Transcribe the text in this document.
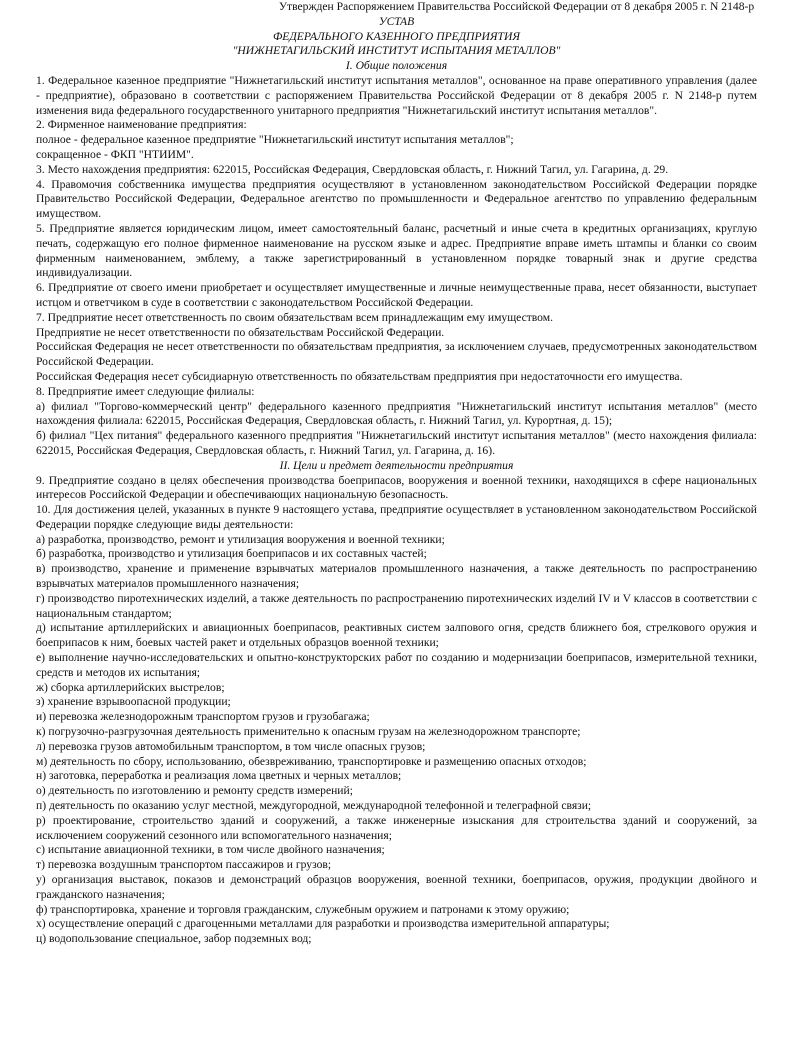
Утвержден Распоряжением Правительства Российской Федерации от 8 декабря 2005 г. N 2148-р
УСТАВ
ФЕДЕРАЛЬНОГО КАЗЕННОГО ПРЕДПРИЯТИЯ
"НИЖНЕТАГИЛЬСКИЙ ИНСТИТУТ ИСПЫТАНИЯ МЕТАЛЛОВ"
I. Общие положения

1. Федеральное казенное предприятие "Нижнетагильский институт испытания металлов", основанное на праве оперативного управления (далее - предприятие), образовано в соответствии с распоряжением Правительства Российской Федерации от 8 декабря 2005 г. N 2148-р путем изменения вида федерального государственного унитарного предприятия "Нижнетагильский институт испытания металлов".

2. Фирменное наименование предприятия:

полное - федеральное казенное предприятие "Нижнетагильский институт испытания металлов";

сокращенное - ФКП "НТИИМ".

3. Место нахождения предприятия: 622015, Российская Федерация, Свердловская область, г. Нижний Тагил, ул. Гагарина, д. 29.

4. Правомочия собственника имущества предприятия осуществляют в установленном законодательством Российской Федерации порядке Правительство Российской Федерации, Федеральное агентство по промышленности и Федеральное агентство по управлению федеральным имуществом.

5. Предприятие является юридическим лицом, имеет самостоятельный баланс, расчетный и иные счета в кредитных организациях, круглую печать, содержащую его полное фирменное наименование на русском языке и адрес. Предприятие вправе иметь штампы и бланки со своим фирменным наименованием, эмблему, а также зарегистрированный в установленном порядке товарный знак и другие средства индивидуализации.

6. Предприятие от своего имени приобретает и осуществляет имущественные и личные неимущественные права, несет обязанности, выступает истцом и ответчиком в суде в соответствии с законодательством Российской Федерации.

7. Предприятие несет ответственность по своим обязательствам всем принадлежащим ему имуществом.

Предприятие не несет ответственности по обязательствам Российской Федерации.

Российская Федерация не несет ответственности по обязательствам предприятия, за исключением случаев, предусмотренных законодательством Российской Федерации.

Российская Федерация несет субсидиарную ответственность по обязательствам предприятия при недостаточности его имущества.

8. Предприятие имеет следующие филиалы:

а) филиал "Торгово-коммерческий центр" федерального казенного предприятия "Нижнетагильский институт испытания металлов" (место нахождения филиала: 622015, Российская Федерация, Свердловская область, г. Нижний Тагил, ул. Курортная, д. 15);

б) филиал "Цех питания" федерального казенного предприятия "Нижнетагильский институт испытания металлов" (место нахождения филиала: 622015, Российская Федерация, Свердловская область, г. Нижний Тагил, ул. Гагарина, д. 16).

II. Цели и предмет деятельности предприятия

9. Предприятие создано в целях обеспечения производства боеприпасов, вооружения и военной техники, находящихся в сфере национальных интересов Российской Федерации и обеспечивающих национальную безопасность.

10. Для достижения целей, указанных в пункте 9 настоящего устава, предприятие осуществляет в установленном законодательством Российской Федерации порядке следующие виды деятельности:

а) разработка, производство, ремонт и утилизация вооружения и военной техники;

б) разработка, производство и утилизация боеприпасов и их составных частей;

в) производство, хранение и применение взрывчатых материалов промышленного назначения, а также деятельность по распространению взрывчатых материалов промышленного назначения;

г) производство пиротехнических изделий, а также деятельность по распространению пиротехнических изделий IV и V классов в соответствии с национальным стандартом;

д) испытание артиллерийских и авиационных боеприпасов, реактивных систем залпового огня, средств ближнего боя, стрелкового оружия и боеприпасов к ним, боевых частей ракет и отдельных образцов военной техники;

е) выполнение научно-исследовательских и опытно-конструкторских работ по созданию и модернизации боеприпасов, измерительной техники, средств и методов их испытания;

ж) сборка артиллерийских выстрелов;

з) хранение взрывоопасной продукции;

и) перевозка железнодорожным транспортом грузов и грузобагажа;

к) погрузочно-разгрузочная деятельность применительно к опасным грузам на железнодорожном транспорте;

л) перевозка грузов автомобильным транспортом, в том числе опасных грузов;

м) деятельность по сбору, использованию, обезвреживанию, транспортировке и размещению опасных отходов;

н) заготовка, переработка и реализация лома цветных и черных металлов;

о) деятельность по изготовлению и ремонту средств измерений;

п) деятельность по оказанию услуг местной, междугородной, международной телефонной и телеграфной связи;

р) проектирование, строительство зданий и сооружений, а также инженерные изыскания для строительства зданий и сооружений, за исключением сооружений сезонного или вспомогательного назначения;

с) испытание авиационной техники, в том числе двойного назначения;

т) перевозка воздушным транспортом пассажиров и грузов;

у) организация выставок, показов и демонстраций образцов вооружения, военной техники, боеприпасов, оружия, продукции двойного и гражданского назначения;

ф) транспортировка, хранение и торговля гражданским, служебным оружием и патронами к этому оружию;

х) осуществление операций с драгоценными металлами для разработки и производства измерительной аппаратуры;

ц) водопользование специальное, забор подземных вод;
